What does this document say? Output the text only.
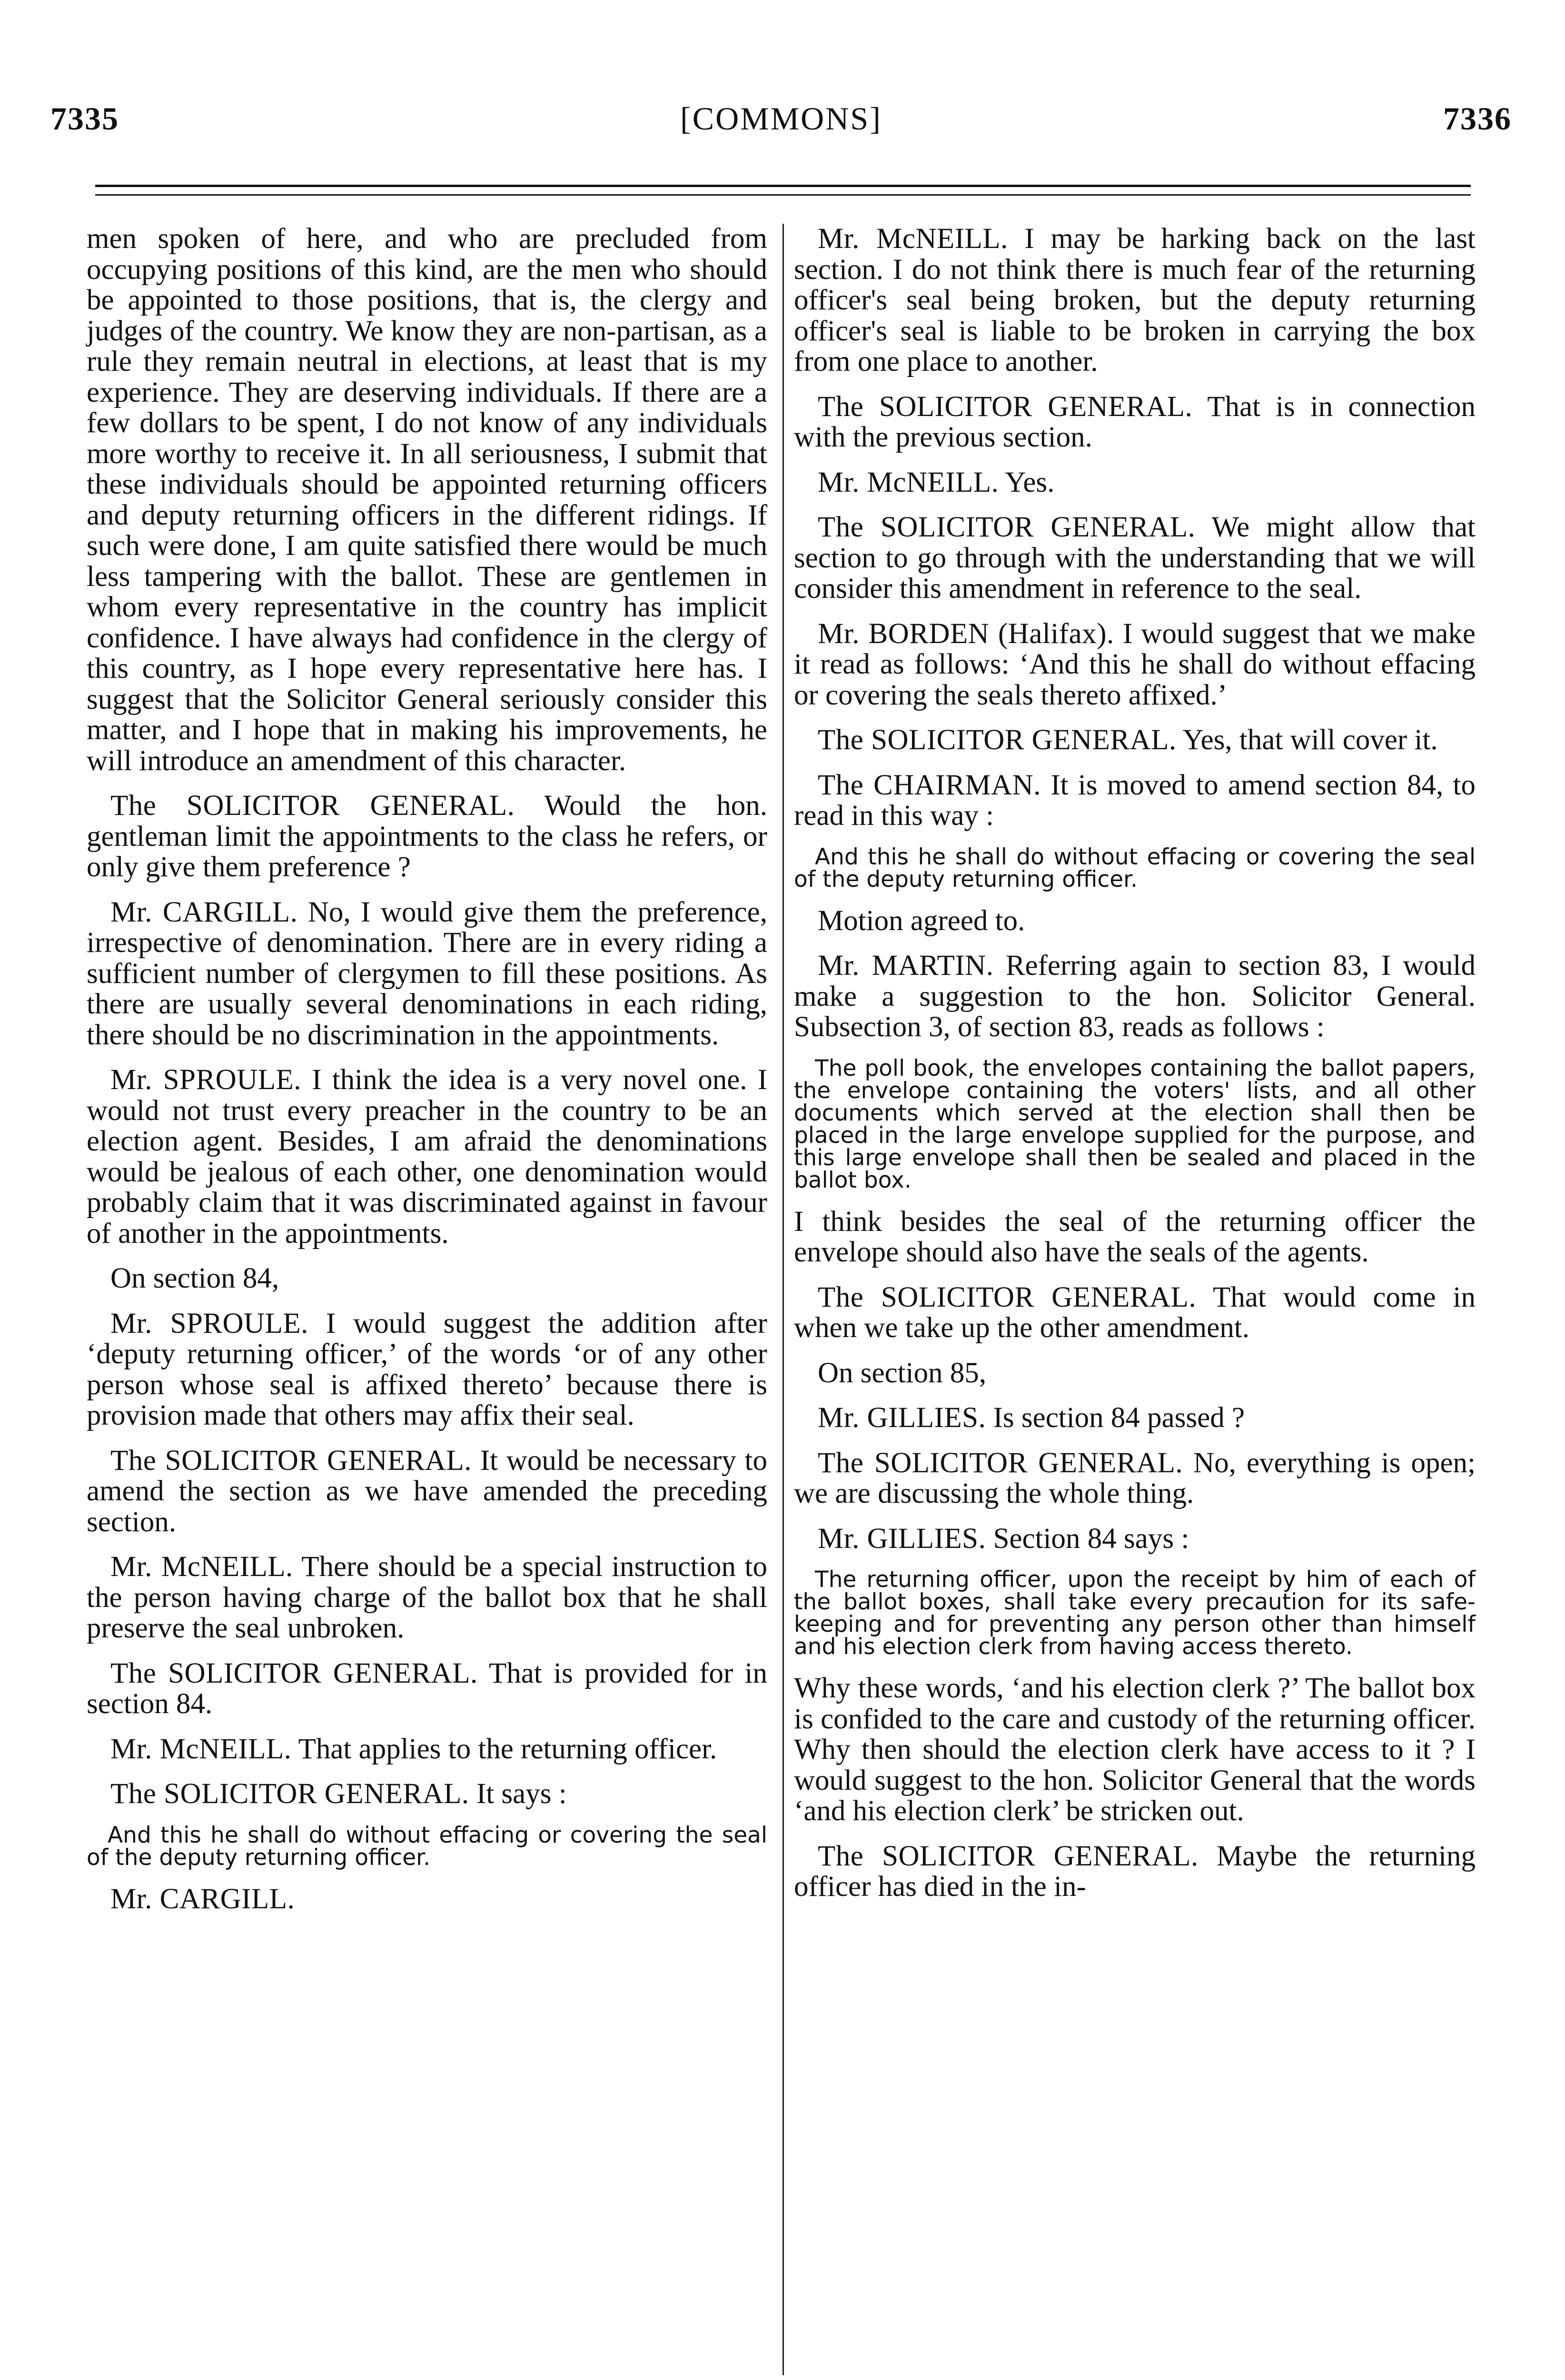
[COMMONS]
7335	7336

men spoken of here, and who are precluded from occupying positions of this kind, are the men who should be appointed to those positions, that is, the clergy and judges of the country. We know they are non-partisan, as a rule they remain neutral in elections, at least that is my experience. They are deserving individuals. If there are a few dollars to be spent, I do not know of any individuals more worthy to receive it. In all seriousness, I submit that these individuals should be appointed returning officers and deputy returning officers in the different ridings. If such were done, I am quite satisfied there would be much less tampering with the ballot. These are gentlemen in whom every representative in the country has implicit confidence. I have always had confidence in the clergy of this country, as I hope every representative here has. I suggest that the Solicitor General seriously consider this matter, and I hope that in making his improvements, he will introduce an amendment of this character.

The SOLICITOR GENERAL. Would the hon. gentleman limit the appointments to the class he refers, or only give them preference ?

Mr. CARGILL. No, I would give them the preference, irrespective of denomination. There are in every riding a sufficient number of clergymen to fill these positions. As there are usually several denominations in each riding, there should be no discrimination in the appointments.

Mr. SPROULE. I think the idea is a very novel one. I would not trust every preacher in the country to be an election agent. Besides, I am afraid the denominations would be jealous of each other, one denomination would probably claim that it was discriminated against in favour of another in the appointments.

On section 84,

Mr. SPROULE. I would suggest the addition after ‘deputy returning officer,’ of the words ‘or of any other person whose seal is affixed thereto’ because there is provision made that others may affix their seal.

The SOLICITOR GENERAL. It would be necessary to amend the section as we have amended the preceding section.

Mr. McNEILL. There should be a special instruction to the person having charge of the ballot box that he shall preserve the seal unbroken.

The SOLICITOR GENERAL. That is provided for in section 84.

Mr. McNEILL. That applies to the returning officer.

The SOLICITOR GENERAL. It says :

And this he shall do without effacing or covering the seal of the deputy returning officer.

Mr. CARGILL.

Mr. McNEILL. I may be harking back on the last section. I do not think there is much fear of the returning officer's seal being broken, but the deputy returning officer's seal is liable to be broken in carrying the box from one place to another.

The SOLICITOR GENERAL. That is in connection with the previous section.

Mr. McNEILL. Yes.

The SOLICITOR GENERAL. We might allow that section to go through with the understanding that we will consider this amendment in reference to the seal.

Mr. BORDEN (Halifax). I would suggest that we make it read as follows: ‘And this he shall do without effacing or covering the seals thereto affixed.’

The SOLICITOR GENERAL. Yes, that will cover it.

The CHAIRMAN. It is moved to amend section 84, to read in this way :

And this he shall do without effacing or covering the seal of the deputy returning officer.

Motion agreed to.

Mr. MARTIN. Referring again to section 83, I would make a suggestion to the hon. Solicitor General. Subsection 3, of section 83, reads as follows :

The poll book, the envelopes containing the ballot papers, the envelope containing the voters' lists, and all other documents which served at the election shall then be placed in the large envelope supplied for the purpose, and this large envelope shall then be sealed and placed in the ballot box.

I think besides the seal of the returning officer the envelope should also have the seals of the agents.

The SOLICITOR GENERAL. That would come in when we take up the other amendment.

On section 85,

Mr. GILLIES. Is section 84 passed ?

The SOLICITOR GENERAL. No, everything is open; we are discussing the whole thing.

Mr. GILLIES. Section 84 says :

The returning officer, upon the receipt by him of each of the ballot boxes, shall take every precaution for its safe-keeping and for preventing any person other than himself and his election clerk from having access thereto.

Why these words, ‘and his election clerk ?’ The ballot box is confided to the care and custody of the returning officer. Why then should the election clerk have access to it ? I would suggest to the hon. Solicitor General that the words ‘and his election clerk’ be stricken out.

The SOLICITOR GENERAL. Maybe the returning officer has died in the in-
